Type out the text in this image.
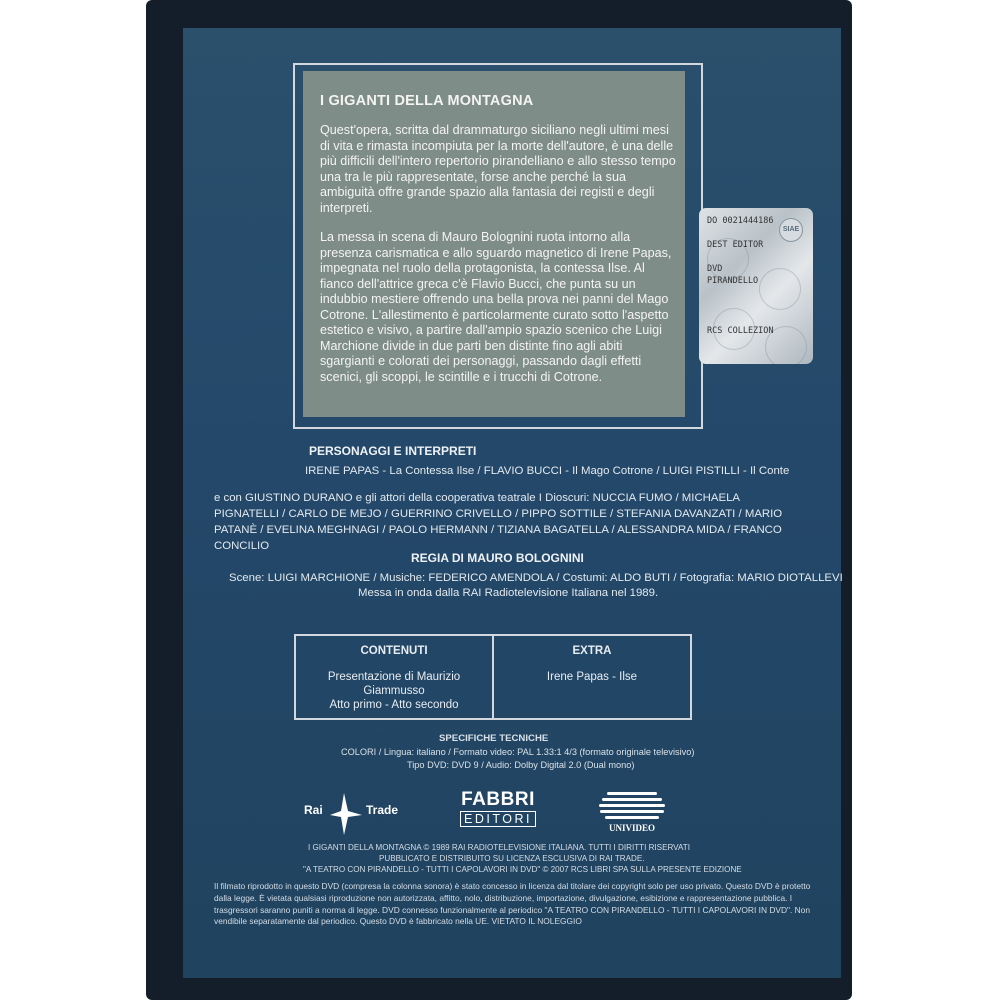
I GIGANTI DELLA MONTAGNA

Quest'opera, scritta dal drammaturgo siciliano negli ultimi mesi di vita e rimasta incompiuta per la morte dell'autore, è una delle più difficili dell'intero repertorio pirandelliano e allo stesso tempo una tra le più rappresentate, forse anche perché la sua ambiguità offre grande spazio alla fantasia dei registi e degli interpreti.

La messa in scena di Mauro Bolognini ruota intorno alla presenza carismatica e allo sguardo magnetico di Irene Papas, impegnata nel ruolo della protagonista, la contessa Ilse. Al fianco dell'attrice greca c'è Flavio Bucci, che punta su un indubbio mestiere offrendo una bella prova nei panni del Mago Cotrone. L'allestimento è particolarmente curato sotto l'aspetto estetico e visivo, a partire dall'ampio spazio scenico che Luigi Marchione divide in due parti ben distinte fino agli abiti sgargianti e colorati dei personaggi, passando dagli effetti scenici, gli scoppi, le scintille e i trucchi di Cotrone.

SIAE
DO 0021444186
DEST EDITOR
DVD
PIRANDELLO
RCS COLLEZION
PERSONAGGI E INTERPRETI
IRENE PAPAS - La Contessa Ilse / FLAVIO BUCCI - Il Mago Cotrone / LUIGI PISTILLI - Il Conte
e con GIUSTINO DURANO e gli attori della cooperativa teatrale I Dioscuri: NUCCIA FUMO / MICHAELA PIGNATELLI / CARLO DE MEJO / GUERRINO CRIVELLO / PIPPO SOTTILE / STEFANIA DAVANZATI / MARIO PATANÈ / EVELINA MEGHNAGI / PAOLO HERMANN / TIZIANA BAGATELLA / ALESSANDRA MIDA / FRANCO CONCILIO
REGIA DI MAURO BOLOGNINI
Scene: LUIGI MARCHIONE / Musiche: FEDERICO AMENDOLA / Costumi: ALDO BUTI / Fotografia: MARIO DIOTALLEVI
Messa in onda dalla RAI Radiotelevisione Italiana nel 1989.
CONTENUTI
Presentazione di Maurizio Giammusso
Atto primo - Atto secondo
EXTRA
Irene Papas - Ilse
SPECIFICHE TECNICHE
COLORI / Lingua: italiano / Formato video: PAL 1.33:1 4/3 (formato originale televisivo)
Tipo DVD: DVD 9 / Audio: Dolby Digital 2.0 (Dual mono)
Rai	Trade	FABBRI
EDITORI
UNIVIDEO
I GIGANTI DELLA MONTAGNA © 1989 RAI RADIOTELEVISIONE ITALIANA. TUTTI I DIRITTI RISERVATI
PUBBLICATO E DISTRIBUITO SU LICENZA ESCLUSIVA DI RAI TRADE.
"A TEATRO CON PIRANDELLO - TUTTI I CAPOLAVORI IN DVD" © 2007 RCS LIBRI SPA SULLA PRESENTE EDIZIONE
Il filmato riprodotto in questo DVD (compresa la colonna sonora) è stato concesso in licenza dal titolare dei copyright solo per uso privato. Questo DVD è protetto dalla legge. È vietata qualsiasi riproduzione non autorizzata, affitto, nolo, distribuzione, importazione, divulgazione, esibizione e rappresentazione pubblica. I trasgressori saranno puniti a norma di legge. DVD connesso funzionalmente al periodico "A TEATRO CON PIRANDELLO - TUTTI I CAPOLAVORI IN DVD". Non vendibile separatamente dal periodico. Questo DVD è fabbricato nella UE. VIETATO IL NOLEGGIO
